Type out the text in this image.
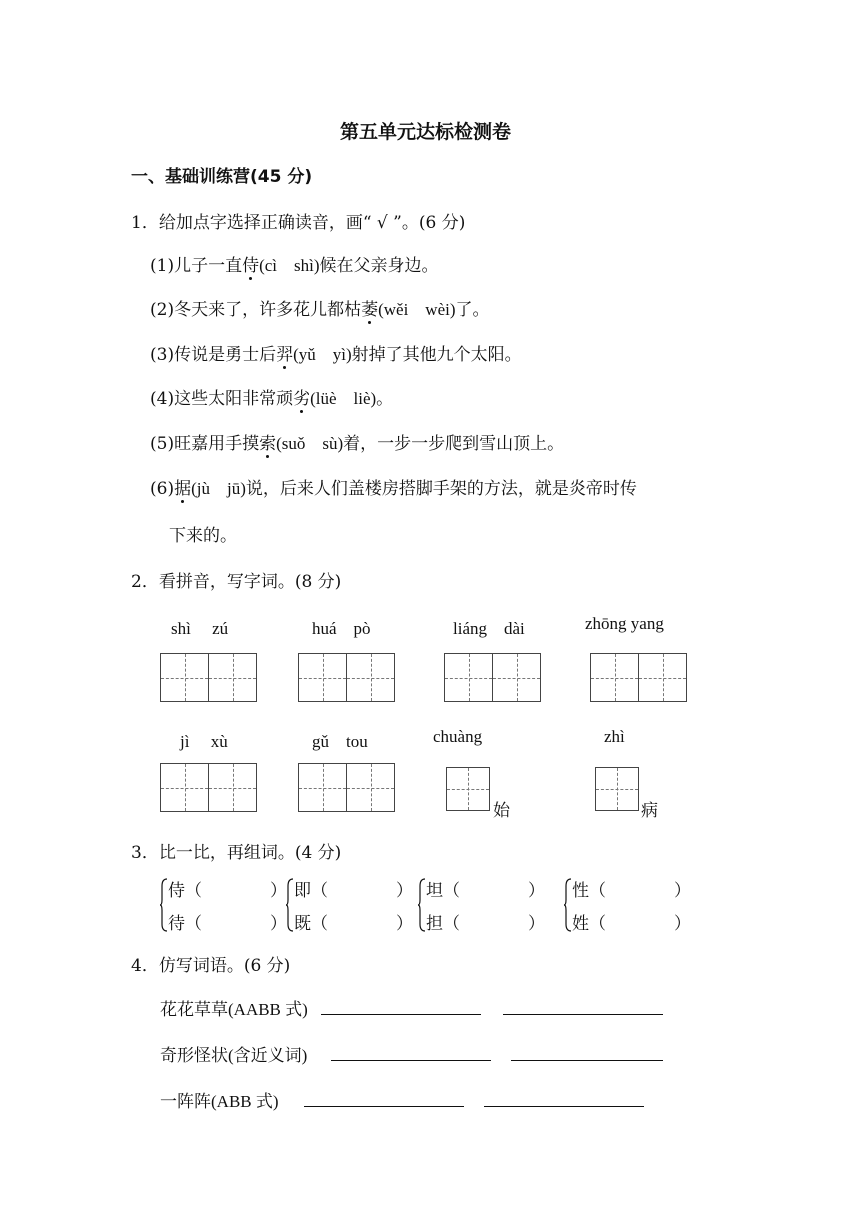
第五单元达标检测卷
一、基础训练营(45 分)
1．给加点字选择正确读音，画“ √ ”。(6 分)
(1)儿子一直侍(cì　shì)候在父亲身边。
(2)冬天来了，许多花儿都枯萎(wěi　wèi)了。
(3)传说是勇士后羿(yǔ　yì)射掉了其他九个太阳。
(4)这些太阳非常顽劣(lüè　liè)。
(5)旺嘉用手摸索(suǒ　sù)着，一步一步爬到雪山顶上。
(6)据(jù　jū)说，后来人们盖楼房搭脚手架的方法，就是炎帝时传
下来的。
2．看拼音，写字词。(8 分)
shì　 zú	huá　pò	liáng　dài	zhōng yang
jì　 xù	gǔ　tou	chuàng	zhì
始	病
3．比一比，再组词。(4 分)
侍（　　　　）
待（　　　　）
即（　　　　）
既（　　　　）
坦（　　　　）
担（　　　　）
性（　　　　）
姓（　　　　）
4．仿写词语。(6 分)
花花草草(AABB 式)
奇形怪状(含近义词)
一阵阵(ABB 式)
